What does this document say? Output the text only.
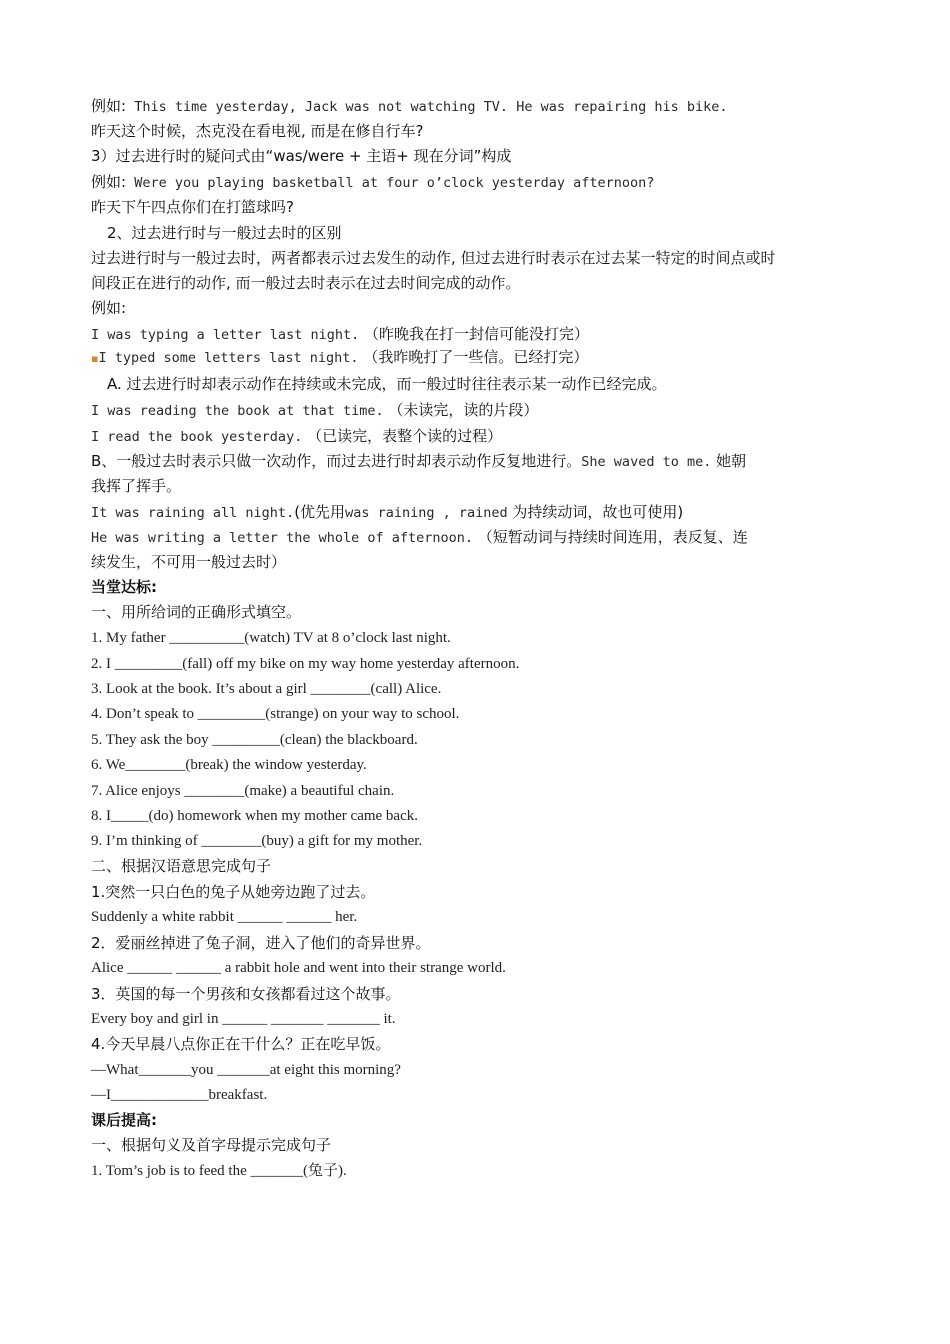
例如: This time yesterday, Jack was not watching TV. He was repairing his bike.
昨天这个时候，杰克没在看电视, 而是在修自行车?
3）过去进行时的疑问式由“was/were + 主语+ 现在分词”构成
例如: Were you playing basketball at four o’clock yesterday afternoon?
昨天下午四点你们在打篮球吗?
2、过去进行时与一般过去时的区别
过去进行时与一般过去时，两者都表示过去发生的动作, 但过去进行时表示在过去某一特定的时间点或时
间段正在进行的动作, 而一般过去时表示在过去时间完成的动作。
例如:
I was typing a letter last night. （昨晚我在打一封信可能没打完）
▪I typed some letters last night. （我昨晚打了一些信。已经打完）
A. 过去进行时却表示动作在持续或未完成，而一般过时往往表示某一动作已经完成。
I was reading the book at that time. （未读完，读的片段）
I read the book yesterday. （已读完，表整个读的过程）
B、一般过去时表示只做一次动作，而过去进行时却表示动作反复地进行。She waved to me. 她朝
我挥了挥手。
It was raining all night.(优先用was raining , rained 为持续动词，故也可使用)
He was writing a letter the whole of afternoon. （短暂动词与持续时间连用，表反复、连
续发生，不可用一般过去时）
当堂达标:
一、用所给词的正确形式填空。
1. My father __________(watch) TV at 8 o’clock last night.
2. I _________(fall) off my bike on my way home yesterday afternoon.
3. Look at the book. It’s about a girl ________(call) Alice.
4. Don’t speak to _________(strange) on your way to school.
5. They ask the boy _________(clean) the blackboard.
6. We________(break) the window yesterday.
7. Alice enjoys ________(make) a beautiful chain.
8. I_____(do) homework when my mother came back.
9. I’m thinking of ________(buy) a gift for my mother.
二、根据汉语意思完成句子
1.突然一只白色的兔子从她旁边跑了过去。
Suddenly a white rabbit ______ ______ her.
2．爱丽丝掉进了兔子洞，进入了他们的奇异世界。
Alice ______ ______ a rabbit hole and went into their strange world.
3．英国的每一个男孩和女孩都看过这个故事。
Every boy and girl in ______ _______ _______ it.
4.今天早晨八点你正在干什么？正在吃早饭。
—What_______you _______at eight this morning?
—I_____________breakfast.
课后提高:
一、根据句义及首字母提示完成句子
1. Tom’s job is to feed the _______(兔子).
